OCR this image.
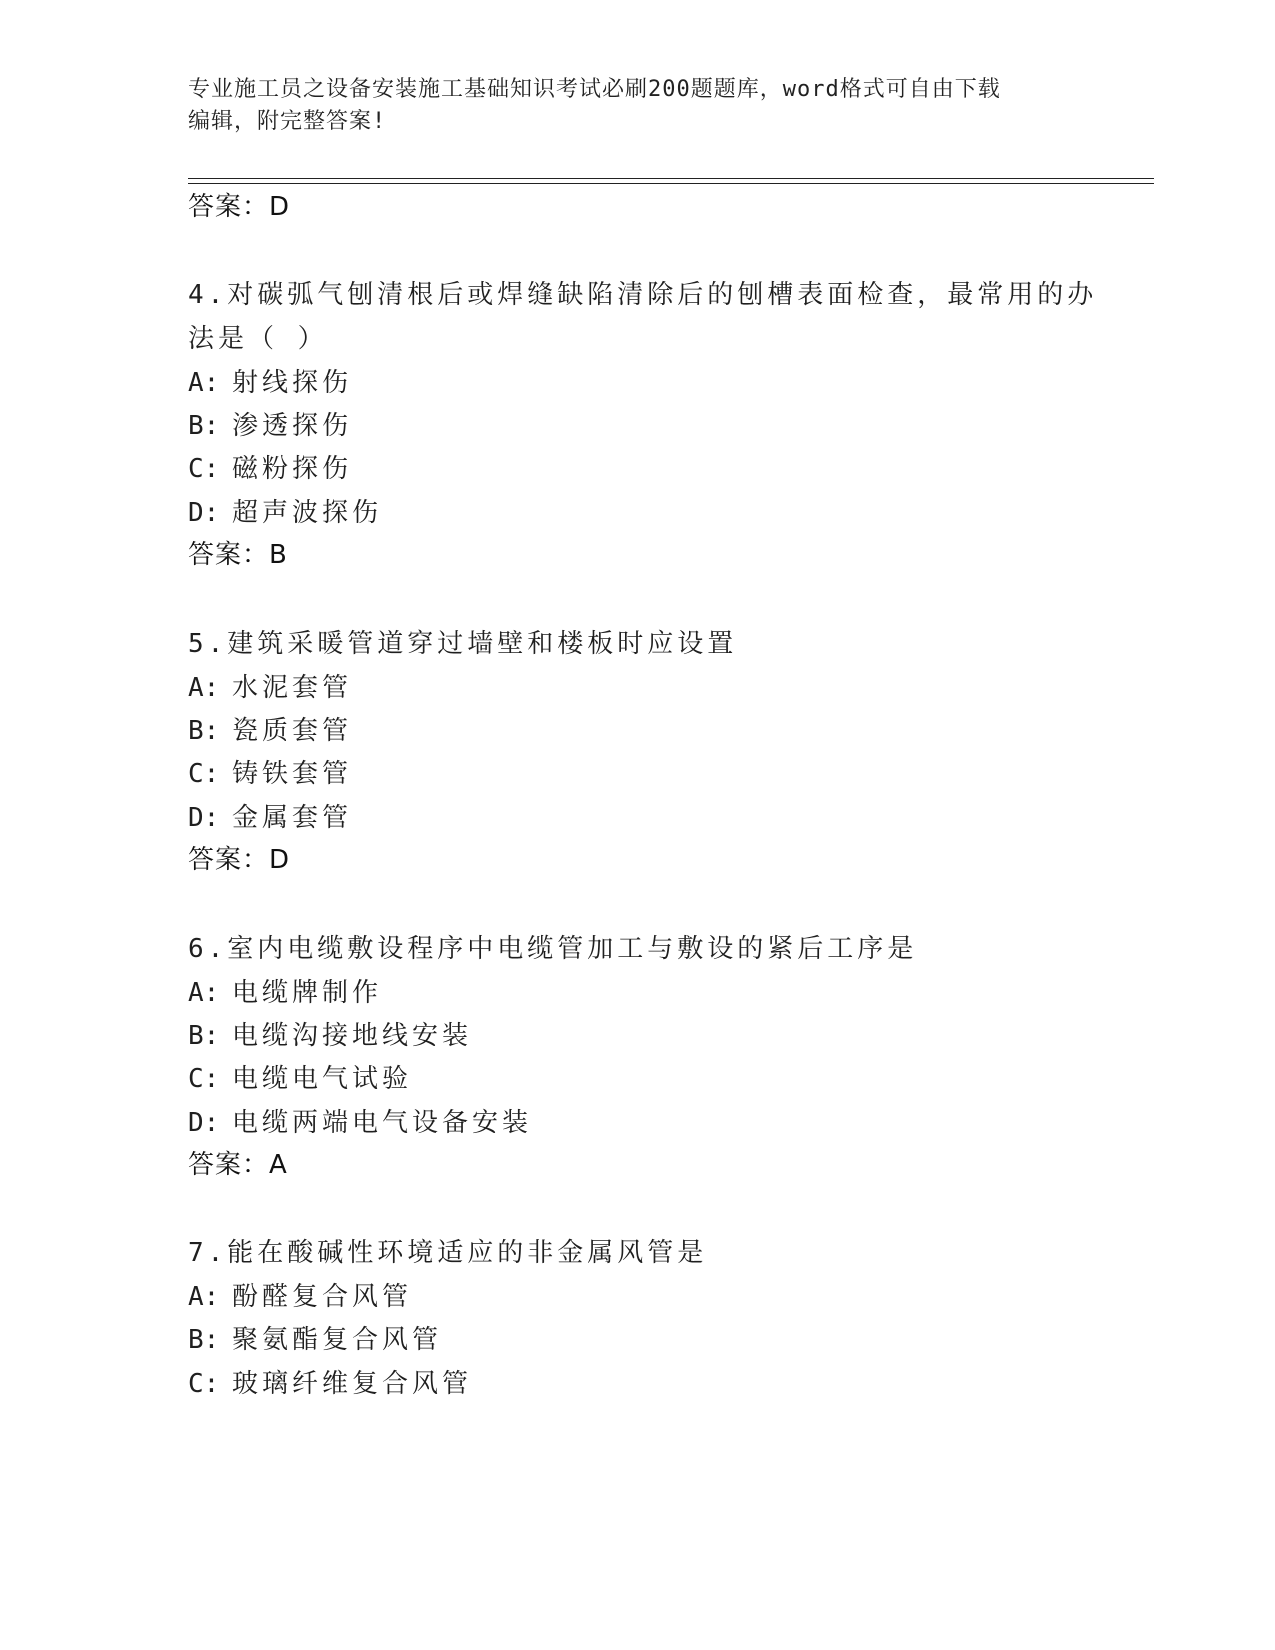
专业施工员之设备安装施工基础知识考试必刷200题题库，word格式可自由下载
编辑，附完整答案!
答案：D
4.对碳弧气刨清根后或焊缝缺陷清除后的刨槽表面检查，最常用的办
法是（ ）
A: 射线探伤
B: 渗透探伤
C: 磁粉探伤
D: 超声波探伤
答案：B
5.建筑采暖管道穿过墙壁和楼板时应设置
A: 水泥套管
B: 瓷质套管
C: 铸铁套管
D: 金属套管
答案：D
6.室内电缆敷设程序中电缆管加工与敷设的紧后工序是
A: 电缆牌制作
B: 电缆沟接地线安装
C: 电缆电气试验
D: 电缆两端电气设备安装
答案：A
7.能在酸碱性环境适应的非金属风管是
A: 酚醛复合风管
B: 聚氨酯复合风管
C: 玻璃纤维复合风管
